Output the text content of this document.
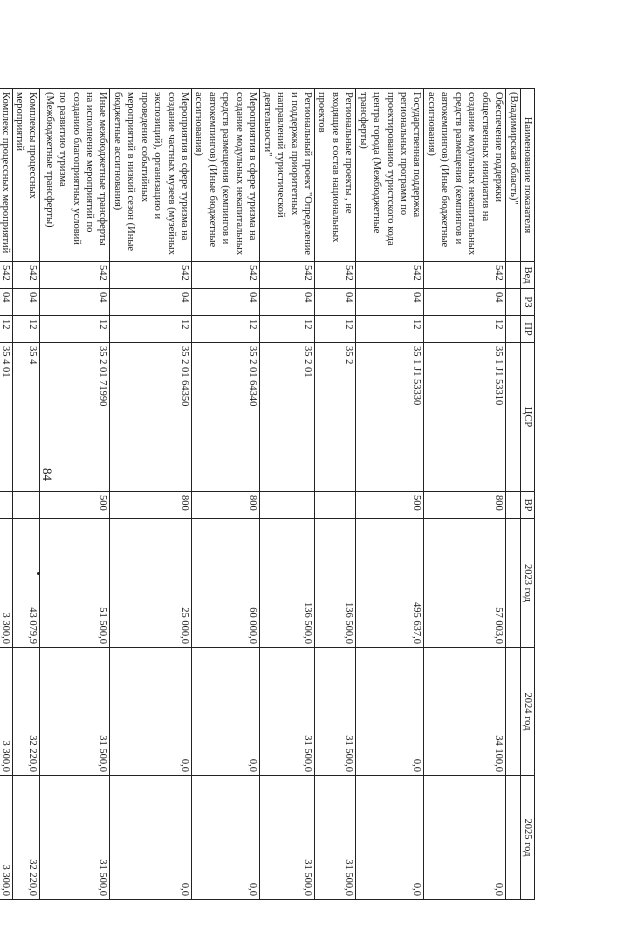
84
Наименование показателя	Вед	РЗ	ПР	ЦСР	ВР	2023 год	2024 год	2025 год
(Владимирская область)"								
Обеспечение поддержки общественных инициатив на создание модульных некапитальных средств размещения (кемпингов и автокемпингов) (Иные бюджетные ассигнования)	542	04	12	35 1 J1 53310	800	57 003,0	34 100,0	0,0
Государственная поддержка региональных программ по проектированию туристского кода центра города (Межбюджетные трансферты)	542	04	12	35 1 J1 53330	500	495 637,0	0,0	0,0
Региональные проекты , не входящие в состав национальных проектов	542	04	12	35 2		136 500,0	31 500,0	31 500,0
Региональный проект "Определение и поддержка приоритетных направлений туристической деятельности"	542	04	12	35 2 01		136 500,0	31 500,0	31 500,0
Мероприятия в сфере туризма на создание модульных некапитальных средств размещения (кемпингов и автокемпингов) (Иные бюджетные ассигнования)	542	04	12	35 2 01 64340	800	60 000,0	0,0	0,0
Мероприятия в сфере туризма на создание частных музеев (музейных экспозиций), организацию и проведение событийных мероприятий в низкий сезон (Иные бюджетные ассигнования)	542	04	12	35 2 01 64350	800	25 000,0	0,0	0,0
Иные межбюджетные трансферты на исполнение мероприятий по созданию благоприятных условий по развитию туризма (Межбюджетные трансферты)	542	04	12	35 2 01 71990	500	51 500,0	31 500,0	31 500,0
Комплексы процессных мероприятий	542	04	12	35 4		43 079,9	32 220,0	32 220,0
Комплекс процессных мероприятий	542	04	12	35 4 01		3 300,0	3 300,0	3 300,0
